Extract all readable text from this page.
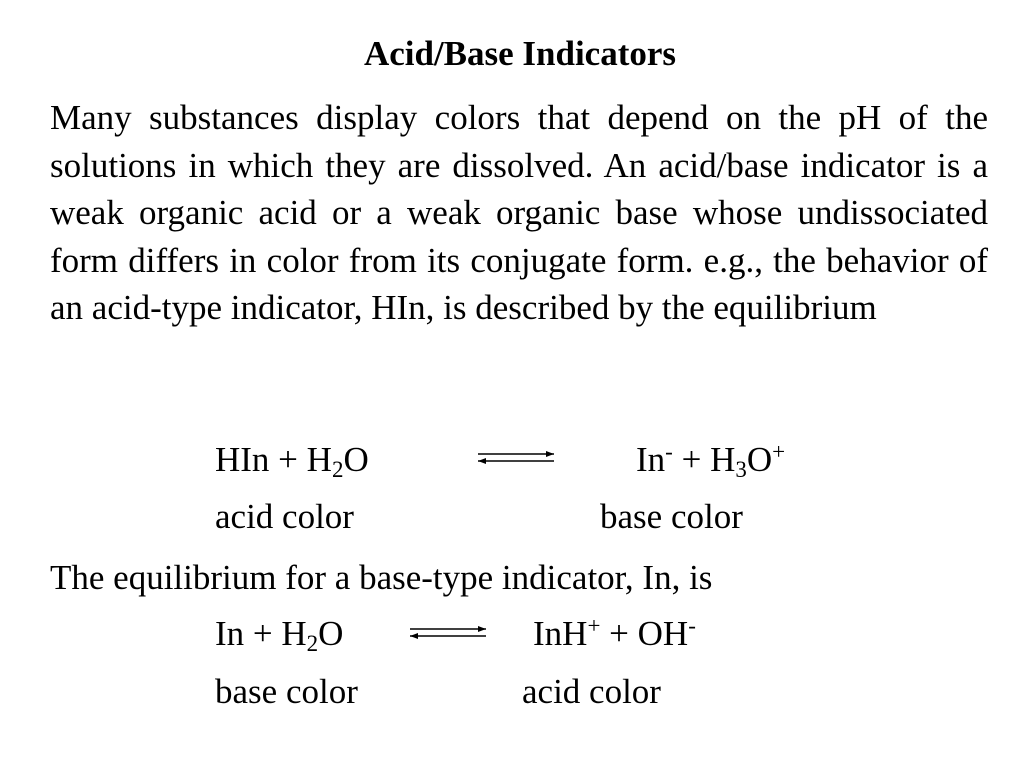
Acid/Base Indicators
Many substances display colors that depend on the pH of the solutions in which they are dissolved. An acid/base indicator is a weak organic acid or a weak organic base whose undissociated form differs in color from its conjugate form. e.g., the behavior of an acid-type indicator, HIn, is described by the equilibrium
HIn + $H_2O$	$In^- + H_3O^+$
acid color	base color
The equilibrium for a base-type indicator, In, is
$In + H_2O$	InH+ + OH-
base color	acid color
